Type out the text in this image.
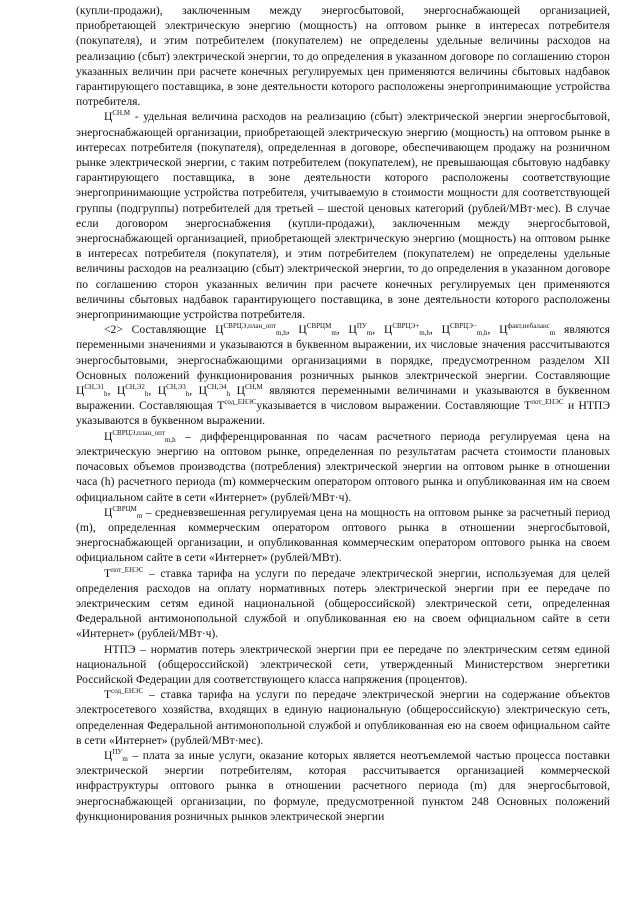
(купли-продажи), заключенным между энергосбытовой, энергоснабжающей организацией, приобретающей электрическую энергию (мощность) на оптовом рынке в интересах потребителя (покупателя), и этим потребителем (покупателем) не определены удельные величины расходов на реализацию (сбыт) электрической энергии, то до определения в указанном договоре по соглашению сторон указанных величин при расчете конечных регулируемых цен применяются величины сбытовых надбавок гарантирующего поставщика, в зоне деятельности которого расположены энергопринимающие устройства потребителя.

$Ц^{СН,М}$ - удельная величина расходов на реализацию (сбыт) электрической энергии энергосбытовой, энергоснабжающей организации, приобретающей электрическую энергию (мощность) на оптовом рынке в интересах потребителя (покупателя), определенная в договоре, обеспечивающем продажу на розничном рынке электрической энергии, с таким потребителем (покупателем), не превышающая сбытовую надбавку гарантирующего поставщика, в зоне деятельности которого расположены соответствующие энергопринимающие устройства потребителя, учитываемую в стоимости мощности для соответствующей группы (подгруппы) потребителей для третьей – шестой ценовых категорий (рублей/МВт·мес). В случае если договором энергоснабжения (купли-продажи), заключенным между энергосбытовой, энергоснабжающей организацией, приобретающей электрическую энергию (мощность) на оптовом рынке в интересах потребителя (покупателя), и этим потребителем (покупателем) не определены удельные величины расходов на реализацию (сбыт) электрической энергии, то до определения в указанном договоре по соглашению сторон указанных величин при расчете конечных регулируемых цен применяются величины сбытовых надбавок гарантирующего поставщика, в зоне деятельности которого расположены энергопринимающие устройства потребителя.

<2> Составляющие $Ц^{СВРЦЭ,план\_опт}_{m,h}$, $Ц^{СВРЦМ}_m$, $Ц^{ПУ}_m$, $Ц^{СВРЦЭ+}_{m,h}$, $Ц^{СВРЦЭ-}_{m,h}$, $Ц^{факт,небаланс}_m$ являются переменными значениями и указываются в буквенном выражении, их числовые значения рассчитываются энергосбытовыми, энергоснабжающими организациями в порядке, предусмотренном разделом XII Основных положений функционирования розничных рынков электрической энергии. Составляющие $Ц^{СН,Э1}_h$, $Ц^{СН,Э2}_h$, $Ц^{СН,Э3}_h$, $Ц^{СН,Э4}_h$ $Ц^{СН,М}$ являются переменными величинами и указываются в буквенном выражении. Составляющая $Т^{сод\_ЕНЭС}указывается$ в числовом выражении. Составляющие $Т^{пот\_ЕНЭС}$ и НТПЭ указываются в буквенном выражении.

$Ц^{СВРЦЭ,план\_опт}_{m,h}$ – дифференцированная по часам расчетного периода регулируемая цена на электрическую энергию на оптовом рынке, определенная по результатам расчета стоимости плановых почасовых объемов производства (потребления) электрической энергии на оптовом рынке в отношении часа (h) расчетного периода (m) коммерческим оператором оптового рынка и опубликованная им на своем официальном сайте в сети «Интернет» (рублей/МВт·ч).

$Ц^{СВРЦМ}_m$ – средневзвешенная регулируемая цена на мощность на оптовом рынке за расчетный период (m), определенная коммерческим оператором оптового рынка в отношении энергосбытовой, энергоснабжающей организации, и опубликованная коммерческим оператором оптового рынка на своем официальном сайте в сети «Интернет» (рублей/МВт).

$Т^{пот\_ЕНЭС}$ – ставка тарифа на услуги по передаче электрической энергии, используемая для целей определения расходов на оплату нормативных потерь электрической энергии при ее передаче по электрическим сетям единой национальной (общероссийской) электрической сети, определенная Федеральной антимонопольной службой и опубликованная ею на своем официальном сайте в сети «Интернет» (рублей/МВт·ч).

НТПЭ – норматив потерь электрической энергии при ее передаче по электрическим сетям единой национальной (общероссийской) электрической сети, утвержденный Министерством энергетики Российской Федерации для соответствующего класса напряжения (процентов).

$Т^{сод\_ЕНЭС}$ – ставка тарифа на услуги по передаче электрической энергии на содержание объектов электросетевого хозяйства, входящих в единую национальную (общероссийскую) электрическую сеть, определенная Федеральной антимонопольной службой и опубликованная ею на своем официальном сайте в сети «Интернет» (рублей/МВт·мес).

$Ц^{ПУ}_m$ – плата за иные услуги, оказание которых является неотъемлемой частью процесса поставки электрической энергии потребителям, которая рассчитывается организацией коммерческой инфраструктуры оптового рынка в отношении расчетного периода (m) для энергосбытовой, энергоснабжающей организации, по формуле, предусмотренной пунктом 248 Основных положений функционирования розничных рынков электрической энергии
